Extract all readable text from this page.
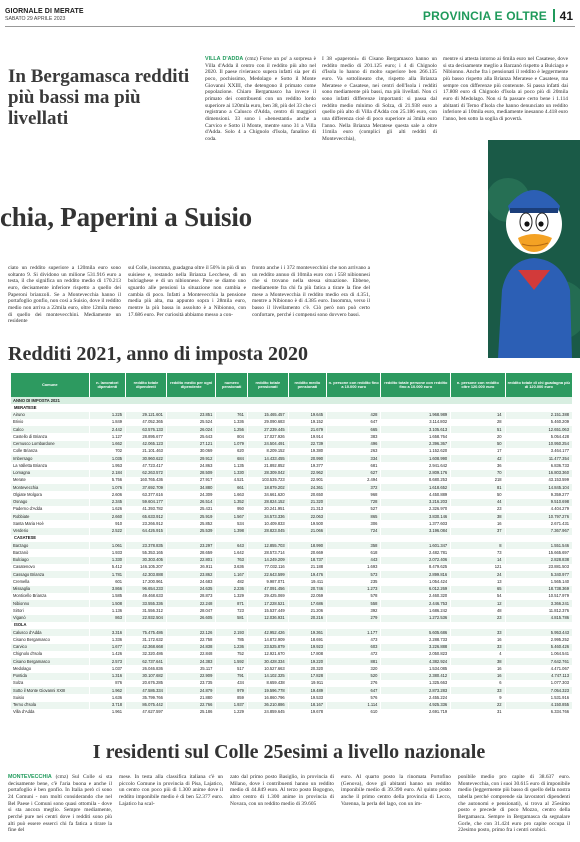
GIORNALE DI MERATE
SABATO 29 APRILE 2023	PROVINCIA E OLTRE 41
In Bergamasca redditi più bassi ma più livellati
VILLA D'ADDA (cmz) Forse un po' a sorpresa è Villa d'Adda il centro con il reddito più alto nel 2020. Il paese rivierasco supera infatti sia per di poco, pochissimo, Medolago e Sotto il Monte Giovanni XXIII, che detengono il primato come popolazione. Chiaro Bergamasco ha invece il primato dei contribuenti con un reddito lordo superiore ai 120mila euro, ben 38, più del 33 che ci registrano a Calusco d'Adda, centro di maggiori dimensioni. 33 sono i «benestanti» anche a Carvico e Sotto il Monte, mentre sono 31 a Villa d'Adda. Solo 4 a Chignolo d'Isola, fanalino di coda.
I 38 «paperoni» di Cisano Bergamasco hanno un reddito medio di 201.125 euro; i 4 di Chignolo d'Isola lo hanno di molto superiore ben 266.135 euro. Va sottolineato che, rispetto alla Brianza Meratese e Casatese, nei centri dell'Isola i redditi sono mediamente più bassi, ma più livellati. Non ci sono infatti differenze importanti: si passa dal reddito medio minimo di Solza, di 21.938 euro a quello più alto di Villa d'Adda con 25.186 euro, con una differenza cioè di poco superiore ai 3mila euro l'anno. Nella Brianza Meratese questa sale a oltre 11mila euro (complici gli alti redditi di Montevecchia),
mentre si attesta intorno ai 6mila euro nel Casatese, dove si sta decisamente meglio a Barzanò rispetto a Bulciago e Nibionno. Anche fra i pensionati il reddito è leggermente più basso rispetto alla Brianza Meratese e Casatese, ma sempre con differenze più contenute. Si passa infatti dai 17.808 euro di Chignolo d'Isola ai poco più di 20mila euro di Medolago. Non si fa passare certo bene i 1.114 abitanti di Terno d'Isola che hanno denunciato un reddito inferiore ai 10mila euro, mediamente inesanno 4.418 euro l'anno, ben sotto la soglia di povertà.
chia, Paperini a Suisio
ciato un reddito superiore a 120mila euro sono soltanto 9. Si dividono un milione 531.916 euro a testa, il che significa un reddito medio di 170.213 euro, decisamente inferiore rispetto a quello dei Paperoni brianzoli. Se a Montevecchia hanno il portafoglio gonfio, non così a Suisio, dove il reddito medio non arriva a 22mila euro, oltre 12mila meno di quello dei montevecchini. Mediamente un residente
sul Colle, insomma, guadagna oltre il 50% in più di un suisiese e, restando nella Brianza Lecchese, di un bulciaghese e di un nibionnese. Pure se diamo uno sguardo alle pensioni la situazione non cambia e cambia di poco. Infatti a Montevecchia la pensione media più alta, ma appunto sopra i 28mila euro, mentre la più bassa in assoluto è a Nibionno, con 17.686 euro. Per curiosità abbiamo messo a con-
fronto anche i i 372 montevecchini che non arrivano a un reddito annuo di 10mila euro con i 558 nibionnesi che si trovano nella stessa situazione. Ebbene, mediamente fra chi fa più fatica a tirare la fine del mese a Montevecchia il reddito medio era di 4.351, mentre a Nibionno è di 4.385 euro. Insomma, verso il basso il livellamento c'è. Ciò però non può certo confortare, perché i compensi sono dovvero bassi.
Redditi 2021, anno di imposta 2020
Comune	n. lavoratori dipendenti	reddito totale dipendenti	reddito medio per ogni dipendente	numero pensionati	reddito totale pensionati	reddito medio pensionati	n. persone con reddito fino a 10.000 euro	reddito totale persone con reddito fino a 10.000 euro	n. persone con reddito oltre 120.000 euro	reddito totale di chi guadagna più di 120.000 euro
ANNO DI IMPOSTA 2021										
MERATESE										
Airuno	1.225	29.121.601	23.851	761	15.465.457	19.645	428	1.968.989	14	2.151.388
Brivio	1.849	47.052.365	25.524	1.336	29.090.683	19.152	647	3.114.802	28	5.460.209
Calco	2.442	63.576.133	26.024	1.256	27.239.445	21.679	665	3.105.613	51	12.651.063
Castello di Brianza	1.127	28.895.677	25.643	804	17.027.926	19.914	383	1.658.764	20	5.054.428
Cernusco Lombardone	1.662	42.065.123	27.121	1.079	24.504.491	22.739	496	2.396.367	50	10.950.254
Colle Brianza	702	21.101.463	30.069	620	8.209.152	19.380	263	1.152.620	17	3.464.177
Imbersago	1.035	30.960.622	29.912	684	14.433.455	20.990	334	1.608.990	42	11.477.354
La Valletta Brianza	1.953	47.723.417	24.863	1.135	21.892.852	19.377	681	2.941.642	36	6.836.733
Lomagna	2.184	62.263.572	28.509	1.330	28.309.042	22.962	627	2.809.176	70	16.803.360
Merate	5.756	160.765.436	27.917	4.521	103.535.723	22.901	2.494	8.680.253	218	43.153.599
Montevecchia	1.076	37.692.709	34.880	661	18.879.202	24.361	372	1.618.652	81	14.845.104
Olgiate Molgora	2.606	63.377.616	24.309	1.663	34.661.620	20.650	968	4.450.889	50	9.359.277
Osnago	2.345	59.604.177	26.514	1.352	28.824.152	21.320	728	3.216.203	44	9.510.698
Paderno d'Adda	1.626	41.393.782	25.431	950	20.241.951	21.313	527	2.326.970	23	4.404.279
Robbiate	2.660	65.633.912	25.919	1.567	34.573.336	22.063	865	3.830.146	38	10.797.276
Santa Maria Hoè	910	23.266.912	25.852	534	10.409.833	19.500	306	1.377.603	16	2.671.431
Verderio	2.522	64.426.915	25.539	1.398	28.823.045	21.066	724	3.196.084	37	7.367.967
CASATESE										
Barzago	1.061	23.378.835	23.297	643	12.855.703	18.990	358	1.601.347	8	1.551.546
Barzanò	1.933	55.353.165	28.659	1.642	28.573.714	20.669	618	2.482.781	73	15.665.697
Bulciago	1.330	30.303.405	22.801	763	14.249.209	18.737	443	2.072.406	14	2.828.838
Casatenovo	5.412	146.105.207	26.911	3.636	77.032.116	21.188	1.693	8.479.625	121	23.881.503
Cassago Brianza	1.781	42.303.888	23.862	1.167	22.643.599	19.476	573	2.899.816	24	5.340.977
Cremella	601	17.200.961	24.683	482	9.987.071	19.411	235	1.054.424	13	1.565.140
Missaglia	3.866	96.654.233	24.635	2.236	47.091.456	20.746	1.273	6.012.269	65	18.738.369
Monticello Brianza	1.585	49.468.633	28.873	1.329	29.425.069	22.059	578	2.460.320	54	10.517.979
Nibionno	1.508	33.555.336	22.248	871	17.228.521	17.686	558	2.446.753	12	3.366.241
Sirtori	1.136	31.556.312	28.047	723	15.537.449	21.206	392	1.686.242	48	11.812.376
Viganò	863	22.932.504	26.605	581	12.036.931	20.216	279	1.272.536	23	4.815.786
ISOLA										
Calusco d'Adda	3.316	75.475.486	22.126	2.193	42.952.426	19.361	1.177	5.605.686	33	5.953.443
Cisano Bergamasco	1.336	31.172.632	22.758	785	14.872.909	18.691	473	2.288.733	16	2.995.252
Carvico	1.677	42.368.668	24.838	1.236	23.525.879	19.923	603	3.226.888	33	5.460.426
Chignolo d'Isola	1.426	32.320.486	22.848	752	12.921.670	17.808	472	2.050.823	4	1.064.541
Cisano Bergamasco	2.573	62.737.641	24.383	1.592	30.428.334	19.220	881	4.382.924	38	7.642.761
Medolago	1.037	26.046.836	25.117	517	10.527.663	20.320	320	1.534.085	16	4.471.067
Pontida	1.316	30.107.682	22.909	791	14.102.325	17.828	520	2.380.412	16	4.747.113
Solza	876	20.676.285	23.735	434	8.659.438	19.911	276	1.325.663	6	1.077.303
Sotto il Monte Giovanni XXIII	1.962	47.586.334	24.879	979	19.596.778	19.489	647	2.873.283	33	7.054.323
Suisio	1.636	35.799.766	21.880	859	16.860.796	19.533	576	2.455.224	9	1.531.916
Terno d'Isola	3.718	86.075.442	22.766	1.937	36.210.886	18.167	1.114	4.925.336	22	4.150.855
Villa d'Adda	1.961	47.627.597	25.186	1.229	24.859.645	19.678	610	2.691.719	31	6.334.766
I residenti sul Colle 25esimi a livello nazionale
MONTEVECCHIA (cmz) Sul Colle si sta decisamente bene, c'è l'aria buona e anche il portafoglio è ben gonfio. In Italia però ci sono 24 Comuni - non molti considerando che nel Bel Paese i Comuni sono quasi ottomila - dove si sta ancora meglio. Sempre mediamente, perché pure nei centri dove i redditi sono più alti può essere esserci chi fa fatica a tirare la fine del
mese. In testa alla classifica italiana c'è un piccolo Comune in provincia di Pisa, Lajatico, un centro con poco più di 1.300 anime dove il reddito imponibile medio è di ben 52.377 euro. Lajatico ha scal-
zato dal primo posto Basiglio, in provincia di Milano, dove i contribuenti hanno un reddito medio di 44.849 euro. Al terzo posto Bogogno, altro centro di 1.300 anime in provincia di Novara, con un reddito medio di 39.605
euro. Al quarto posto la rinomata Portofino (Genova), dove gli abitanti hanno un reddito imponibile medio di 39.390 euro. Al quinto posto anche il primo centro della provincia di Lecco, Varenna, la perla del lago, con un im-
ponibile medio pro capite di 38.637 euro. Montevecchia, con i suoi 30.615 euro di imponibile medio (leggermente più basso di quello della nostra tabella perché comprende sia lavoratori dipendenti che autonomi e pensionati), si trova al 25esimo posto e precede di poco Mozzo, centro della Bergamasca. Sempre in Bergamasca da segnalare Gorle, che con 31.424 euro pro capite occupa il 22esimo posto, primo fra i centri orobici.
